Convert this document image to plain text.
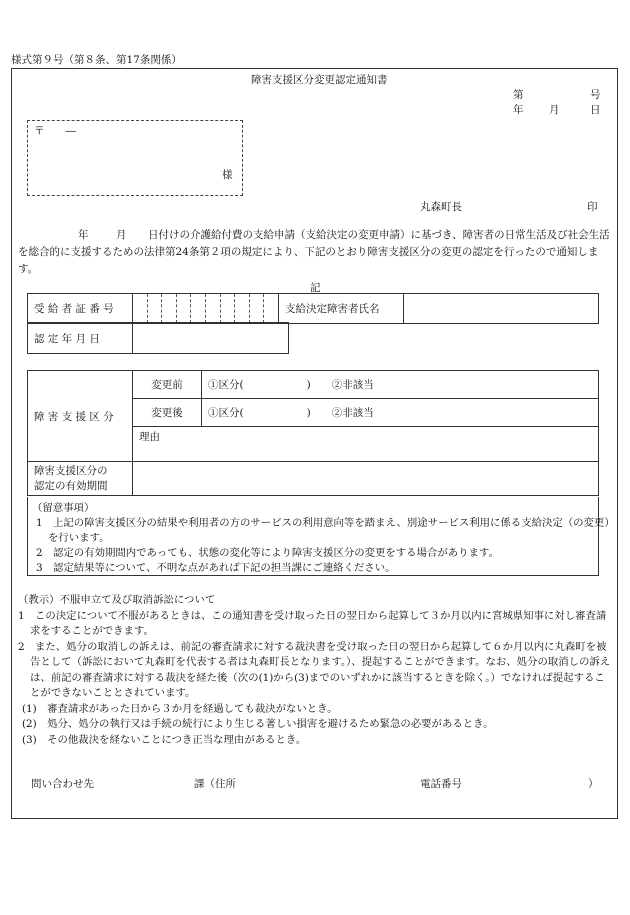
様式第９号（第８条、第17条関係）
障害支援区分変更認定通知書
第	号
年 月	日
〒　　―
様
丸森町長	印
年	月	日付けの介護給付費の支給申請（支給決定の変更申請）に基づき、障害者の日常生活及び社会生活を総合的に支援するための法律第24条第２項の規定により、下記のとおり障害支援区分の変更の認定を行ったので通知します。
記
受 給 者 証 番 号		支給決定障害者氏名	
認 定 年 月 日	
障 害 支 援 区 分	変更前	①区分(　　　　　　)　　②非該当
	変更後	①区分(　　　　　　)　　②非該当
	理由	
障害支援区分の
認定の有効期間		
（留意事項）

1　上記の障害支援区分の結果や利用者の方のサービスの利用意向等を踏まえ、別途サービス利用に係る支給決定（の変更）を行います。

2　認定の有効期間内であっても、状態の変化等により障害支援区分の変更をする場合があります。

3　認定結果等について、不明な点があれば下記の担当課にご連絡ください。

（教示）不服申立て及び取消訴訟について

1　この決定について不服があるときは、この通知書を受け取った日の翌日から起算して３か月以内に宮城県知事に対し審査請求をすることができます。

2　また、処分の取消しの訴えは、前記の審査請求に対する裁決書を受け取った日の翌日から起算して６か月以内に丸森町を被告として（訴訟において丸森町を代表する者は丸森町長となります。）、提起することができます。なお、処分の取消しの訴えは、前記の審査請求に対する裁決を経た後（次の(1)から(3)までのいずれかに該当するときを除く。）でなければ提起することができないこととされています。

(1)　審査請求があった日から３か月を経過しても裁決がないとき。

(2)　処分、処分の執行又は手続の続行により生じる著しい損害を避けるため緊急の必要があるとき。

(3)　その他裁決を経ないことにつき正当な理由があるとき。

問い合わせ先	課（住所	電話番号	）
